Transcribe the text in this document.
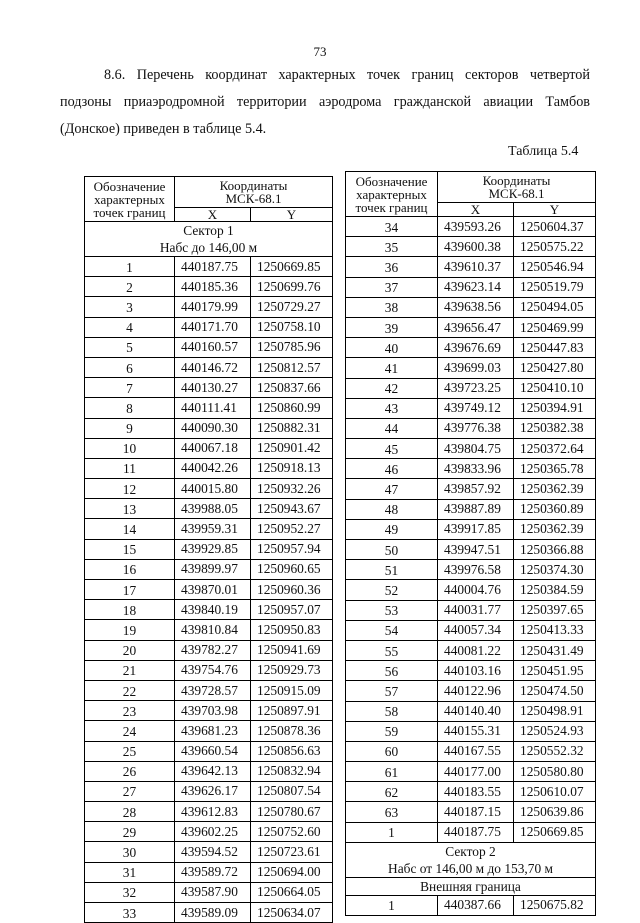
73
8.6. Перечень координат характерных точек границ секторов четвертой
подзоны приаэродромной территории аэродрома гражданской авиации Тамбов
(Донское) приведен в таблице 5.4.
Таблица 5.4
Обозначение характерных точек границ	Координаты МСК-68.1	
	X	Y

Сектор 1
Набс до 146,00 м		

1	440187.75	1250669.85
2	440185.36	1250699.76
3	440179.99	1250729.27
4	440171.70	1250758.10
5	440160.57	1250785.96
6	440146.72	1250812.57
7	440130.27	1250837.66
8	440111.41	1250860.99
9	440090.30	1250882.31
10	440067.18	1250901.42
11	440042.26	1250918.13
12	440015.80	1250932.26
13	439988.05	1250943.67
14	439959.31	1250952.27
15	439929.85	1250957.94
16	439899.97	1250960.65
17	439870.01	1250960.36
18	439840.19	1250957.07
19	439810.84	1250950.83
20	439782.27	1250941.69
21	439754.76	1250929.73
22	439728.57	1250915.09
23	439703.98	1250897.91
24	439681.23	1250878.36
25	439660.54	1250856.63
26	439642.13	1250832.94
27	439626.17	1250807.54
28	439612.83	1250780.67
29	439602.25	1250752.60
30	439594.52	1250723.61
31	439589.72	1250694.00
32	439587.90	1250664.05
33	439589.09	1250634.07
Обозначение характерных точек границ	Координаты МСК-68.1	
	X	Y
34	439593.26	1250604.37
35	439600.38	1250575.22
36	439610.37	1250546.94
37	439623.14	1250519.79
38	439638.56	1250494.05
39	439656.47	1250469.99
40	439676.69	1250447.83
41	439699.03	1250427.80
42	439723.25	1250410.10
43	439749.12	1250394.91
44	439776.38	1250382.38
45	439804.75	1250372.64
46	439833.96	1250365.78
47	439857.92	1250362.39
48	439887.89	1250360.89
49	439917.85	1250362.39
50	439947.51	1250366.88
51	439976.58	1250374.30
52	440004.76	1250384.59
53	440031.77	1250397.65
54	440057.34	1250413.33
55	440081.22	1250431.49
56	440103.16	1250451.95
57	440122.96	1250474.50
58	440140.40	1250498.91
59	440155.31	1250524.93
60	440167.55	1250552.32
61	440177.00	1250580.80
62	440183.55	1250610.07
63	440187.15	1250639.86
1	440187.75	1250669.85

Сектор 2
Набс от 146,00 м до 153,70 м		

Внешняя граница		
1	440387.66	1250675.82
